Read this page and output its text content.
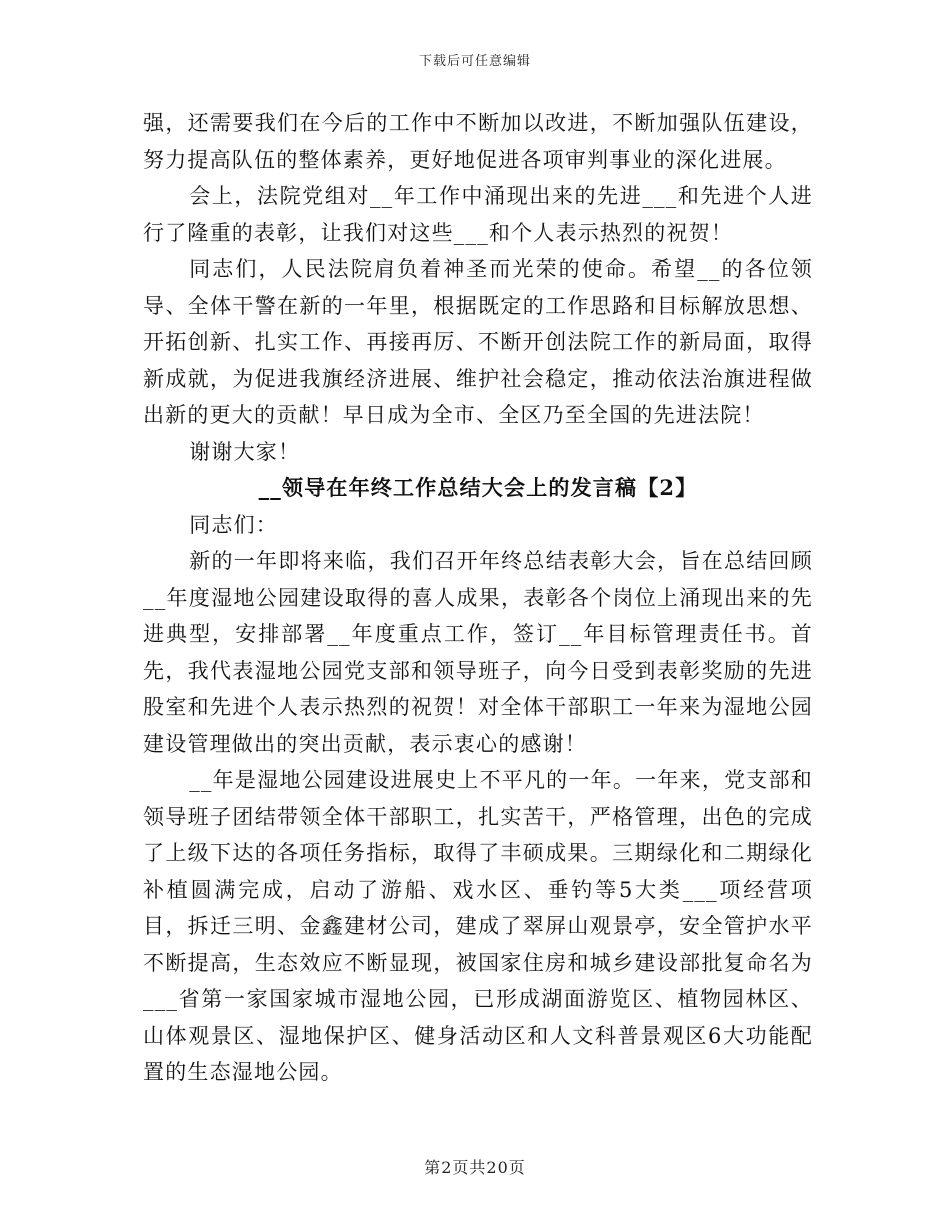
下载后可任意编辑

强，还需要我们在今后的工作中不断加以改进，不断加强队伍建设，努力提高队伍的整体素养，更好地促进各项审判事业的深化进展。

会上，法院党组对__年工作中涌现出来的先进___和先进个人进行了隆重的表彰，让我们对这些___和个人表示热烈的祝贺！

同志们，人民法院肩负着神圣而光荣的使命。希望__的各位领导、全体干警在新的一年里，根据既定的工作思路和目标解放思想、开拓创新、扎实工作、再接再厉、不断开创法院工作的新局面，取得新成就，为促进我旗经济进展、维护社会稳定，推动依法治旗进程做出新的更大的贡献！早日成为全市、全区乃至全国的先进法院！

谢谢大家！

__领导在年终工作总结大会上的发言稿【2】

同志们：

新的一年即将来临，我们召开年终总结表彰大会，旨在总结回顾__年度湿地公园建设取得的喜人成果，表彰各个岗位上涌现出来的先进典型，安排部署__年度重点工作，签订__年目标管理责任书。首先，我代表湿地公园党支部和领导班子，向今日受到表彰奖励的先进股室和先进个人表示热烈的祝贺！对全体干部职工一年来为湿地公园建设管理做出的突出贡献，表示衷心的感谢！

__年是湿地公园建设进展史上不平凡的一年。一年来，党支部和领导班子团结带领全体干部职工，扎实苦干，严格管理，出色的完成了上级下达的各项任务指标，取得了丰硕成果。三期绿化和二期绿化补植圆满完成，启动了游船、戏水区、垂钓等5大类___项经营项目，拆迁三明、金鑫建材公司，建成了翠屏山观景亭，安全管护水平不断提高，生态效应不断显现，被国家住房和城乡建设部批复命名为___省第一家国家城市湿地公园，已形成湖面游览区、植物园林区、山体观景区、湿地保护区、健身活动区和人文科普景观区6大功能配置的生态湿地公园。

第2页共20页
